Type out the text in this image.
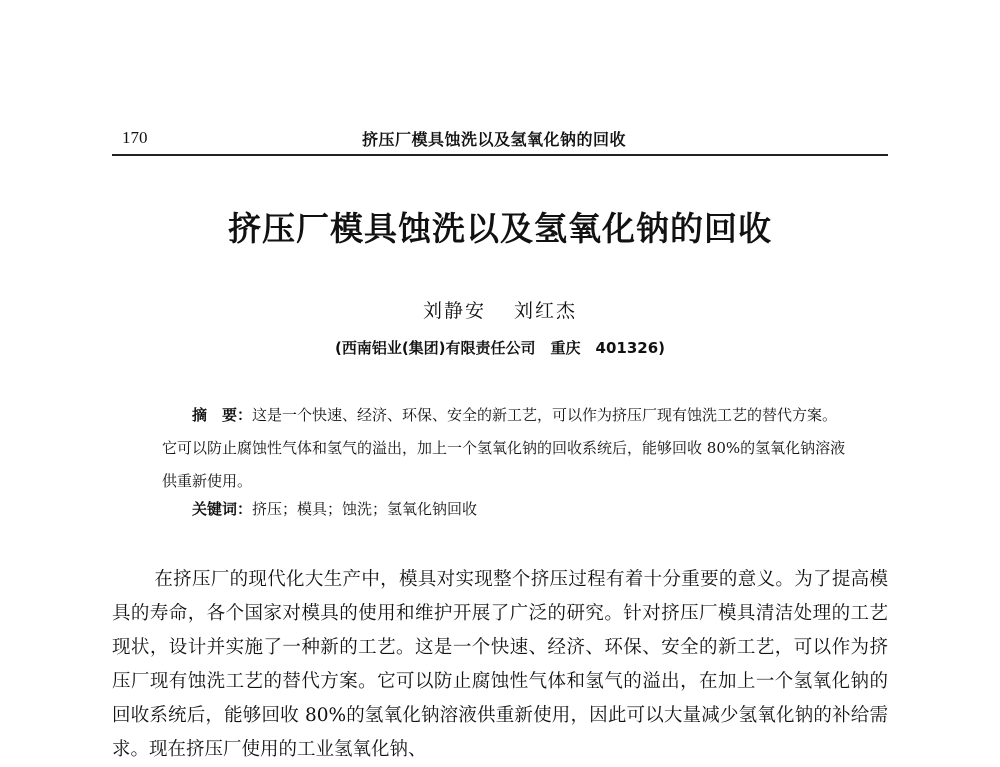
170	挤压厂模具蚀洗以及氢氧化钠的回收
挤压厂模具蚀洗以及氢氧化钠的回收
刘静安 刘红杰
(西南铝业(集团)有限责任公司　重庆　401326)
摘　要：这是一个快速、经济、环保、安全的新工艺，可以作为挤压厂现有蚀洗工艺的替代方案。它可以防止腐蚀性气体和氢气的溢出，加上一个氢氧化钠的回收系统后，能够回收 80%的氢氧化钠溶液供重新使用。
关键词：挤压；模具；蚀洗；氢氧化钠回收
在挤压厂的现代化大生产中，模具对实现整个挤压过程有着十分重要的意义。为了提高模具的寿命，各个国家对模具的使用和维护开展了广泛的研究。针对挤压厂模具清洁处理的工艺现状，设计并实施了一种新的工艺。这是一个快速、经济、环保、安全的新工艺，可以作为挤压厂现有蚀洗工艺的替代方案。它可以防止腐蚀性气体和氢气的溢出，在加上一个氢氧化钠的回收系统后，能够回收 80%的氢氧化钠溶液供重新使用，因此可以大量减少氢氧化钠的补给需求。现在挤压厂使用的工业氢氧化钠、
